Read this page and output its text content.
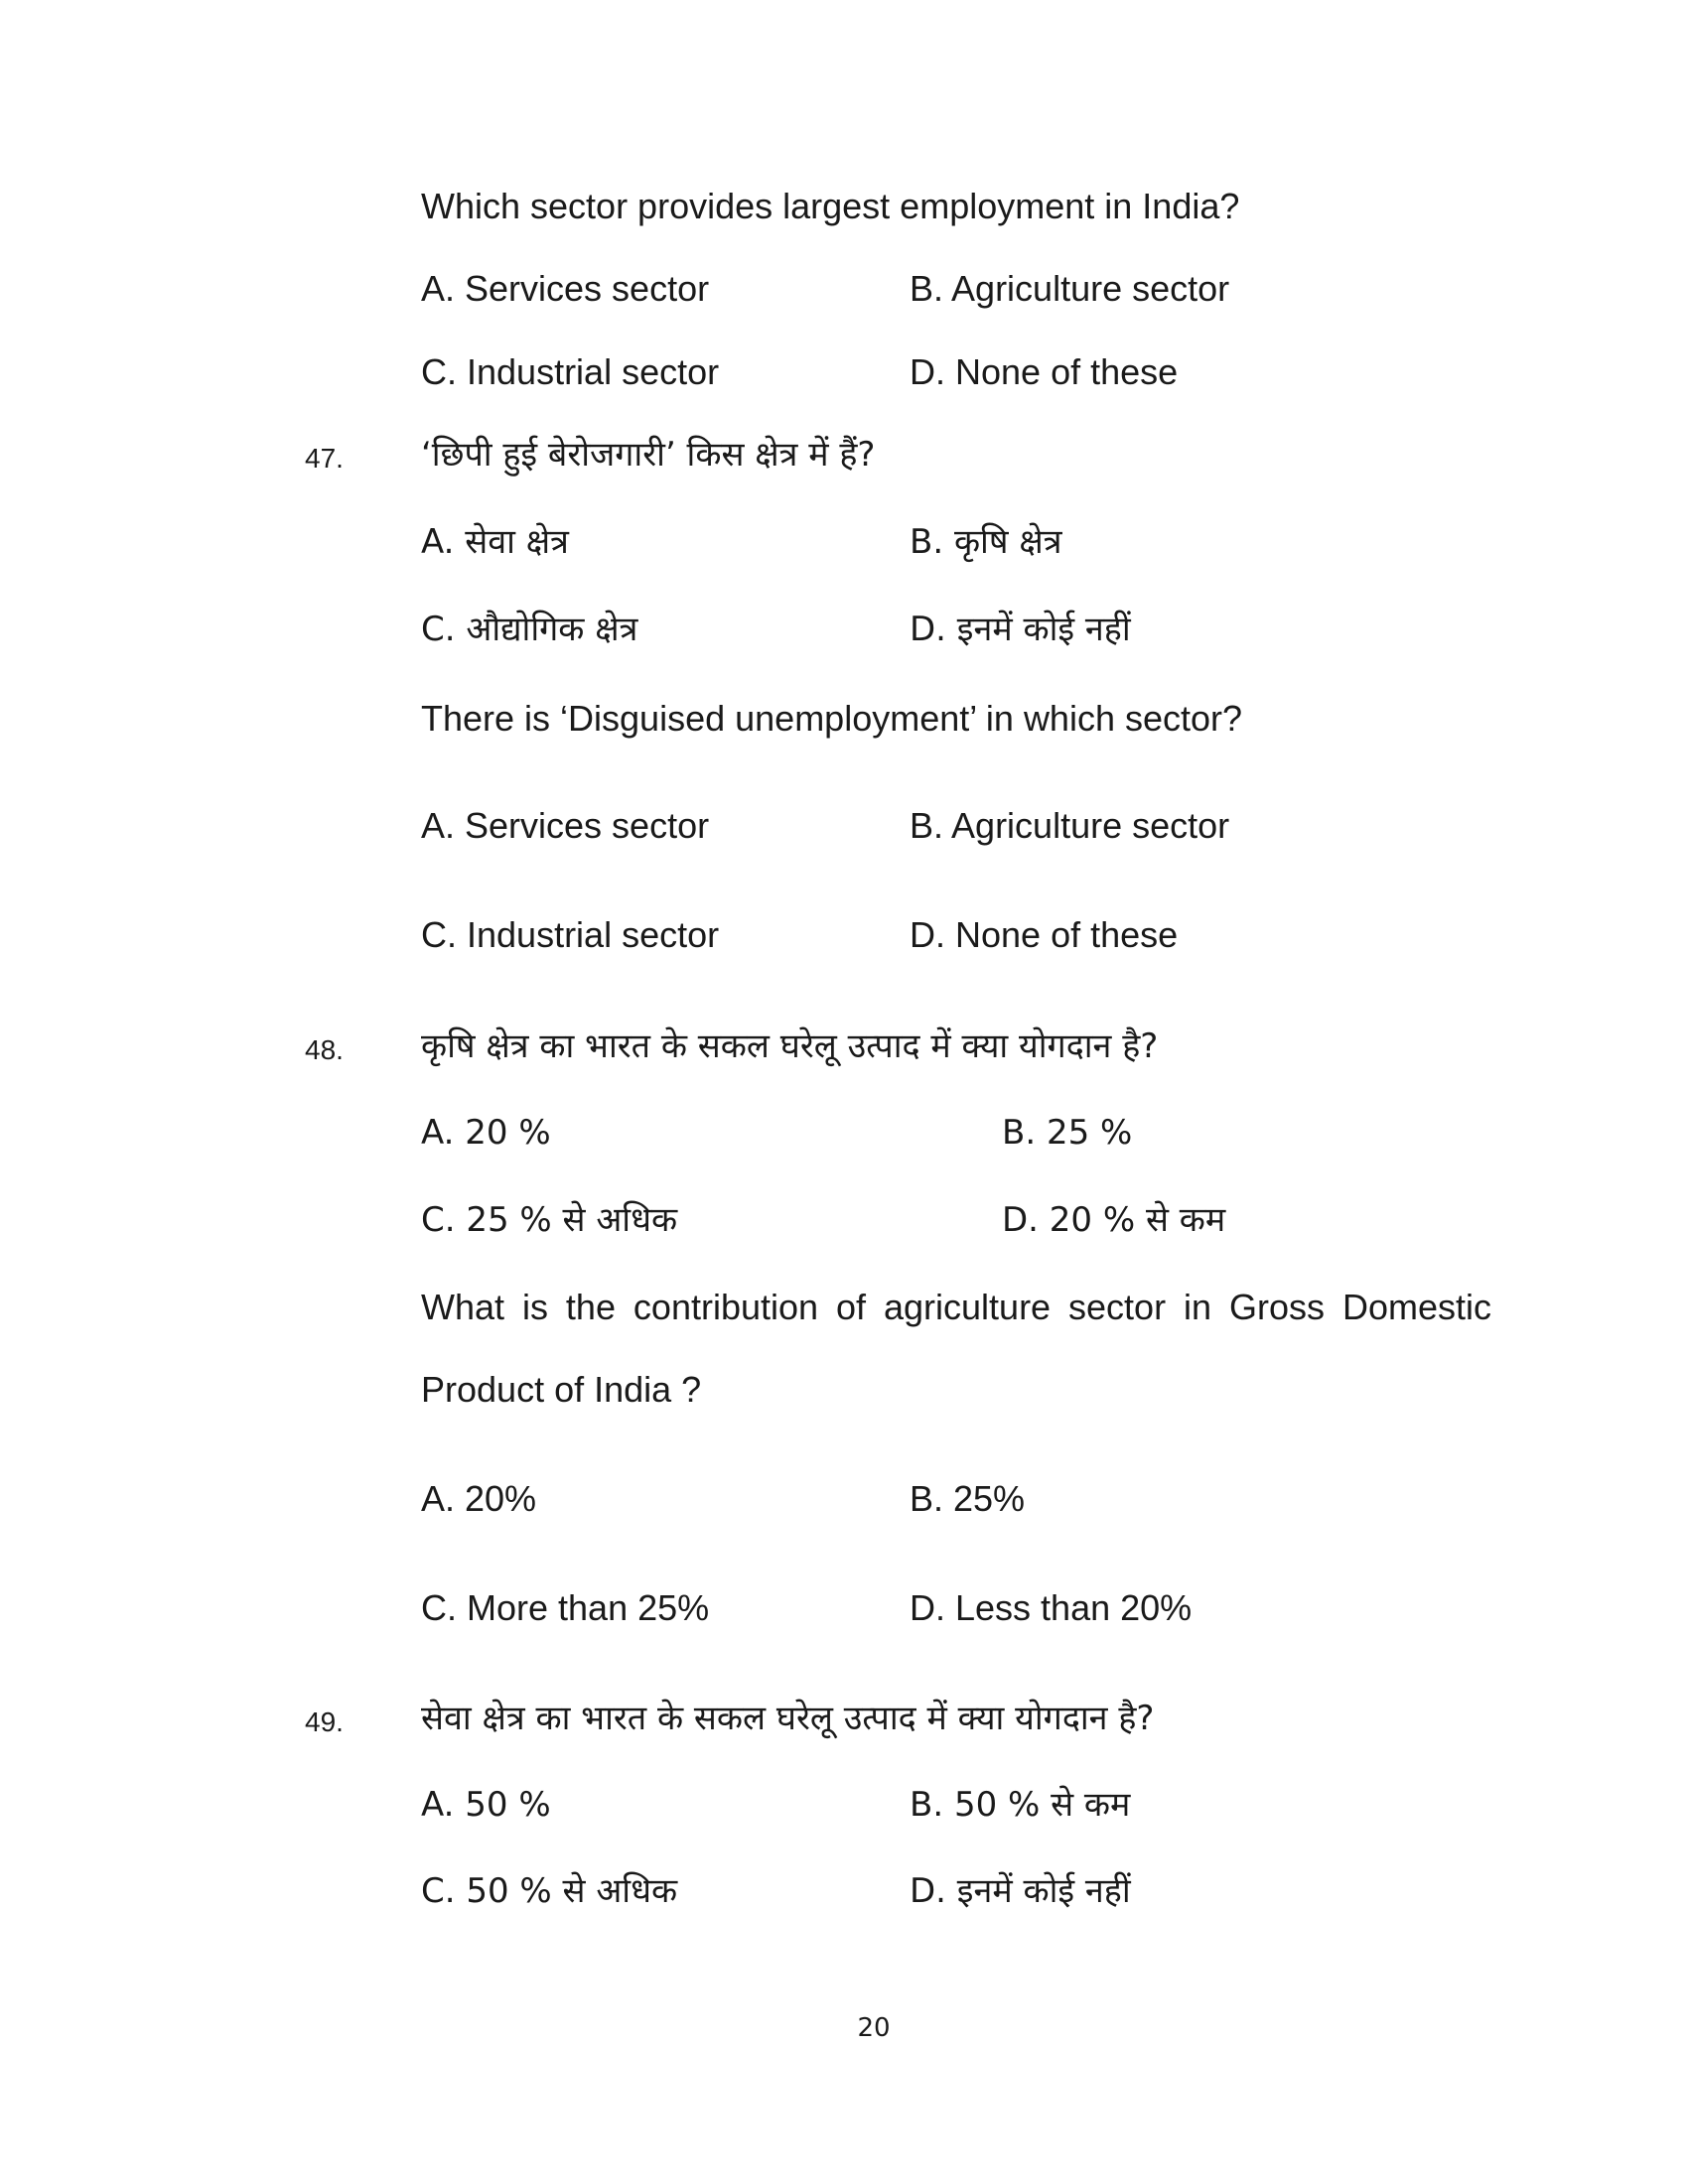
Which sector provides largest employment in India?
A. Services sector	B. Agriculture sector
C. Industrial sector	D. None of these
47. ‘छिपी हुई बेरोजगारी’ किस क्षेत्र में हैं?
A. सेवा क्षेत्र	B. कृषि क्षेत्र
C. औद्योगिक क्षेत्र	D. इनमें कोई नहीं
There is ‘Disguised unemployment’ in which sector?
A. Services sector	B. Agriculture sector
C. Industrial sector	D. None of these
48. कृषि क्षेत्र का भारत के सकल घरेलू उत्पाद में क्या योगदान है?
A. 20 %	B. 25 %
C. 25 % से अधिक	D. 20 % से कम
What is the contribution of agriculture sector in Gross Domestic
Product of India ?
A. 20%	B. 25%
C. More than 25%	D. Less than 20%
49. सेवा क्षेत्र का भारत के सकल घरेलू उत्पाद में क्या योगदान है?
A. 50 %	B. 50 % से कम
C. 50 % से अधिक	D. इनमें कोई नहीं
20
